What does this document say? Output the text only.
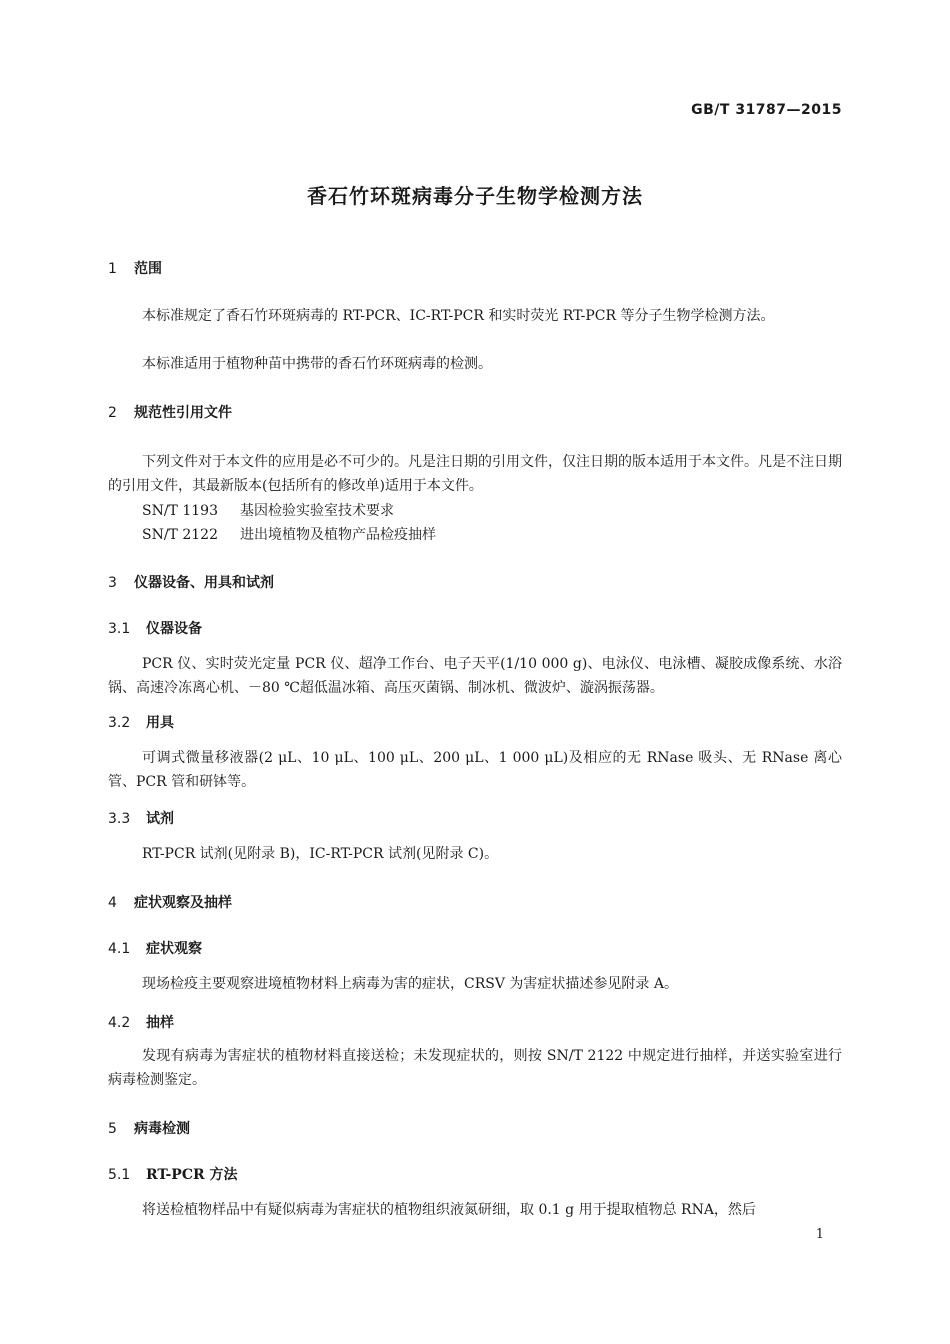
GB/T 31787—2015
香石竹环斑病毒分子生物学检测方法
1 范围
本标准规定了香石竹环斑病毒的 RT-PCR、IC-RT-PCR 和实时荧光 RT-PCR 等分子生物学检测方法。
本标准适用于植物种苗中携带的香石竹环斑病毒的检测。
2 规范性引用文件
下列文件对于本文件的应用是必不可少的。凡是注日期的引用文件，仅注日期的版本适用于本文件。凡是不注日期的引用文件，其最新版本(包括所有的修改单)适用于本文件。
SN/T 1193 基因检验实验室技术要求
SN/T 2122 进出境植物及植物产品检疫抽样
3 仪器设备、用具和试剂
3.1 仪器设备
PCR 仪、实时荧光定量 PCR 仪、超净工作台、电子天平(1/10 000 g)、电泳仪、电泳槽、凝胶成像系统、水浴锅、高速冷冻离心机、－80 ℃超低温冰箱、高压灭菌锅、制冰机、微波炉、漩涡振荡器。
3.2 用具
可调式微量移液器(2 μL、10 μL、100 μL、200 μL、1 000 μL)及相应的无 RNase 吸头、无 RNase 离心管、PCR 管和研钵等。
3.3 试剂
RT-PCR 试剂(见附录 B)，IC-RT-PCR 试剂(见附录 C)。
4 症状观察及抽样
4.1 症状观察
现场检疫主要观察进境植物材料上病毒为害的症状，CRSV 为害症状描述参见附录 A。
4.2 抽样
发现有病毒为害症状的植物材料直接送检；未发现症状的，则按 SN/T 2122 中规定进行抽样，并送实验室进行病毒检测鉴定。
5 病毒检测
5.1 RT-PCR 方法
将送检植物样品中有疑似病毒为害症状的植物组织液氮研细，取 0.1 g 用于提取植物总 RNA，然后
1
